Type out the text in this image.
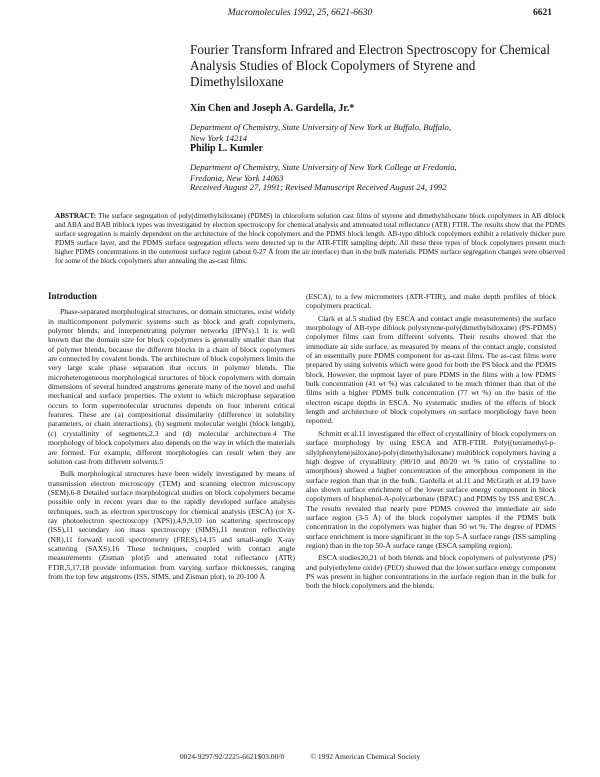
Macromolecules 1992, 25, 6621-6630	6621
Fourier Transform Infrared and Electron Spectroscopy for Chemical Analysis Studies of Block Copolymers of Styrene and Dimethylsiloxane
Xin Chen and Joseph A. Gardella, Jr.*
Department of Chemistry, State University of New York at Buffalo, Buffalo,
New York 14214
Philip L. Kumler
Department of Chemistry, State University of New York College at Fredonia,
Fredonia, New York 14063
Received August 27, 1991; Revised Manuscript Received August 24, 1992
ABSTRACT: The surface segregation of poly(dimethylsiloxane) (PDMS) in chloroform solution cast films of styrene and dimethylsiloxane block copolymers in AB diblock and ABA and BAB triblock types was investigated by electron spectroscopy for chemical analysis and attenuated total reflectance (ATR) FTIR. The results show that the PDMS surface segregation is mainly dependent on the architecture of the block copolymers and the PDMS block length. AB-type diblock copolymers exhibit a relatively thicker pure PDMS surface layer, and the PDMS surface segregation effects were detected up to the ATR-FTIR sampling depth. All these three types of block copolymers present much higher PDMS concentrations in the outermost surface region (about 0-27 Å from the air interface) than in the bulk materials. PDMS surface segregation changes were observed for some of the block copolymers after annealing the as-cast films.
Introduction

Phase-separated morphological structures, or domain structures, exist widely in multicomponent polymeric systems such as block and graft copolymers, polymer blends, and interpenetrating polymer networks (IPN's).1 It is well known that the domain size for block copolymers is generally smaller than that of polymer blends, because the different blocks in a chain of block copolymers are connected by covalent bonds. The architecture of block copolymers limits the very large scale phase separation that occurs in polymer blends. The microheterogeneous morphological structures of block copolymers with domain dimensions of several hundred angstroms generate many of the novel and useful mechanical and surface properties. The extent to which microphase separation occurs to form supermolecular structures depends on four inherent critical features. These are (a) compositional dissimilarity (difference in solubility parameters, or chain interactions), (b) segment molecular weight (block length), (c) crystallinity of segments,2,3 and (d) molecular architecture.4 The morphology of block copolymers also depends on the way in which the materials are formed. For example, different morphologies can result when they are solution cast from different solvents.5

Bulk morphological structures have been widely investigated by means of transmission electron microscopy (TEM) and scanning electron microscopy (SEM).6-8 Detailed surface morphological studies on block copolymers became possible only in recent years due to the rapidly developed surface analysis techniques, such as electron spectroscopy for chemical analysis (ESCA) (or X-ray photoelectron spectroscopy (XPS)),4,9,9,10 ion scattering spectroscopy (ISS),11 secondary ion mass spectroscopy (SIMS),11 neutron reflectivity (NR),11 forward recoil spectrometry (FRES),14,15 and small-angle X-ray scattering (SAXS).16 These techniques, coupled with contact angle measurements (Zisman plot)5 and attenuated total reflectance (ATR) FTIR,5,17,18 provide information from varying surface thicknesses, ranging from the top few angstroms (ISS, SIMS, and Zisman plot), to 20-100 Å

(ESCA), to a few micrometers (ATR-FTIR), and make depth profiles of block copolymers practical.

Clark et al.5 studied (by ESCA and contact angle measurements) the surface morphology of AB-type diblock polystyrene-poly(dimethylsiloxane) (PS-PDMS) copolymer films cast from different solvents. Their results showed that the immediate air side surface, as measured by means of the contact angle, consisted of an essentially pure PDMS component for as-cast films. The as-cast films were prepared by using solvents which were good for both the PS block and the PDMS block. However, the topmost layer of pure PDMS in the films with a low PDMS bulk concentration (41 wt %) was calculated to be much thinner than that of the films with a higher PDMS bulk concentration (77 wt %) on the basis of the electron escape depths in ESCA. No systematic studies of the effects of block length and architecture of block copolymers on surface morphology have been reported.

Schmitt et al.11 investigated the effect of crystallinity of block copolymers on surface morphology by using ESCA and ATR-FTIR. Poly((tetramethyl-p-silylphenylene)siloxane)-poly(dimethylsiloxane) multiblock copolymers having a high degree of crystallinity (90/10 and 80/20 wt % ratio of crystalline to amorphous) showed a higher concentration of the amorphous component in the surface region than that in the bulk. Gardella et al.11 and McGrath et al.19 have also shown surface enrichment of the lower surface energy component in block copolymers of bisphenol-A-polycarbonate (BPAC) and PDMS by ISS and ESCA. The results revealed that nearly pure PDMS covered the immediate air side surface region (3-5 Å) of the block copolymer samples if the PDMS bulk concentration in the copolymers was higher than 50 wt %. The degree of PDMS surface enrichment is more significant in the top 5-Å surface range (ISS sampling region) than in the top 50-Å surface range (ESCA sampling region).

ESCA studies20,21 of both blends and block copolymers of polystyrene (PS) and poly(ethylene oxide) (PEO) showed that the lower surface energy component PS was present in higher concentrations in the surface region than in the bulk for both the block copolymers and the blends.

0024-9297/92/2225-6621$03.00/0	© 1992 American Chemical Society
